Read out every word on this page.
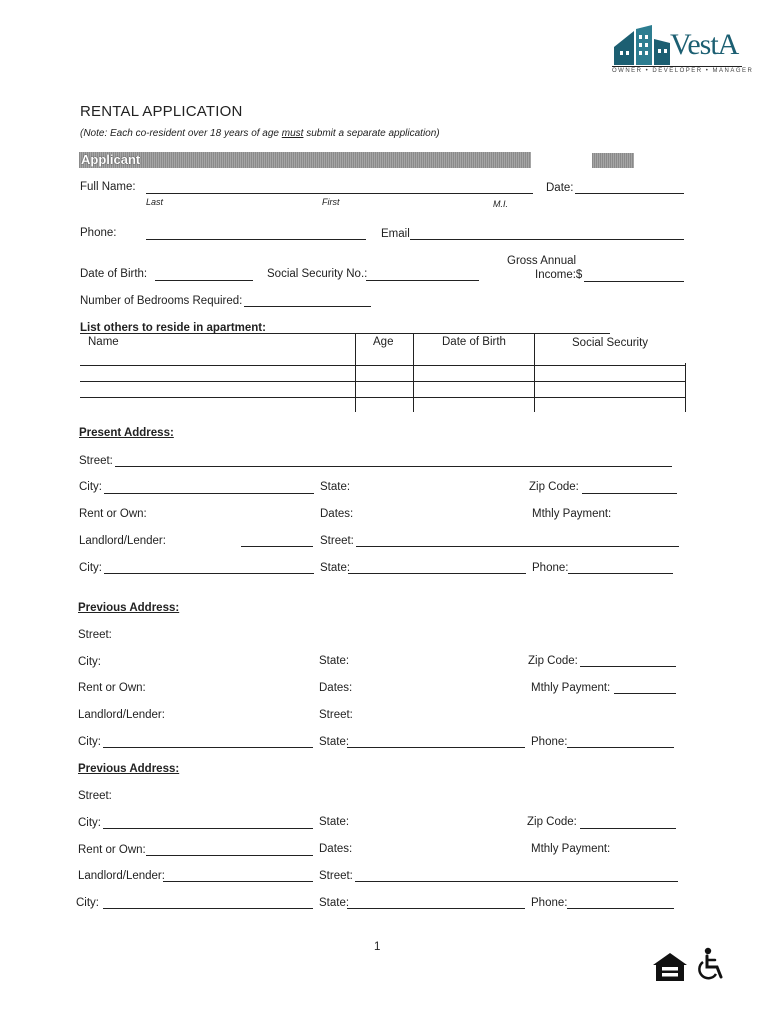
VestA
OWNER • DEVELOPER • MANAGER
RENTAL APPLICATION
(Note: Each co-resident over 18 years of age must submit a separate application)
Applicant
Full Name:
Last	First	M.I.
Date:
Phone:	Email
Date of Birth:	Social Security No.:
Gross Annual
Income:$
Number of Bedrooms Required:
List others to reside in apartment:
Name	Age	Date of Birth	Social Security
Present Address:
Street:
City:	State:	Zip Code:
Rent or Own:	Dates:	Mthly Payment:
Landlord/Lender:	Street:
City:	State:	Phone:
Previous Address:
Street:
City:	State:	Zip Code:
Rent or Own:	Dates:	Mthly Payment:
Landlord/Lender:	Street:
City:	State:	Phone:
Previous Address:
Street:
City:	State:	Zip Code:
Rent or Own:	Dates:	Mthly Payment:
Landlord/Lender:	Street:
City:	State:	Phone:
1
